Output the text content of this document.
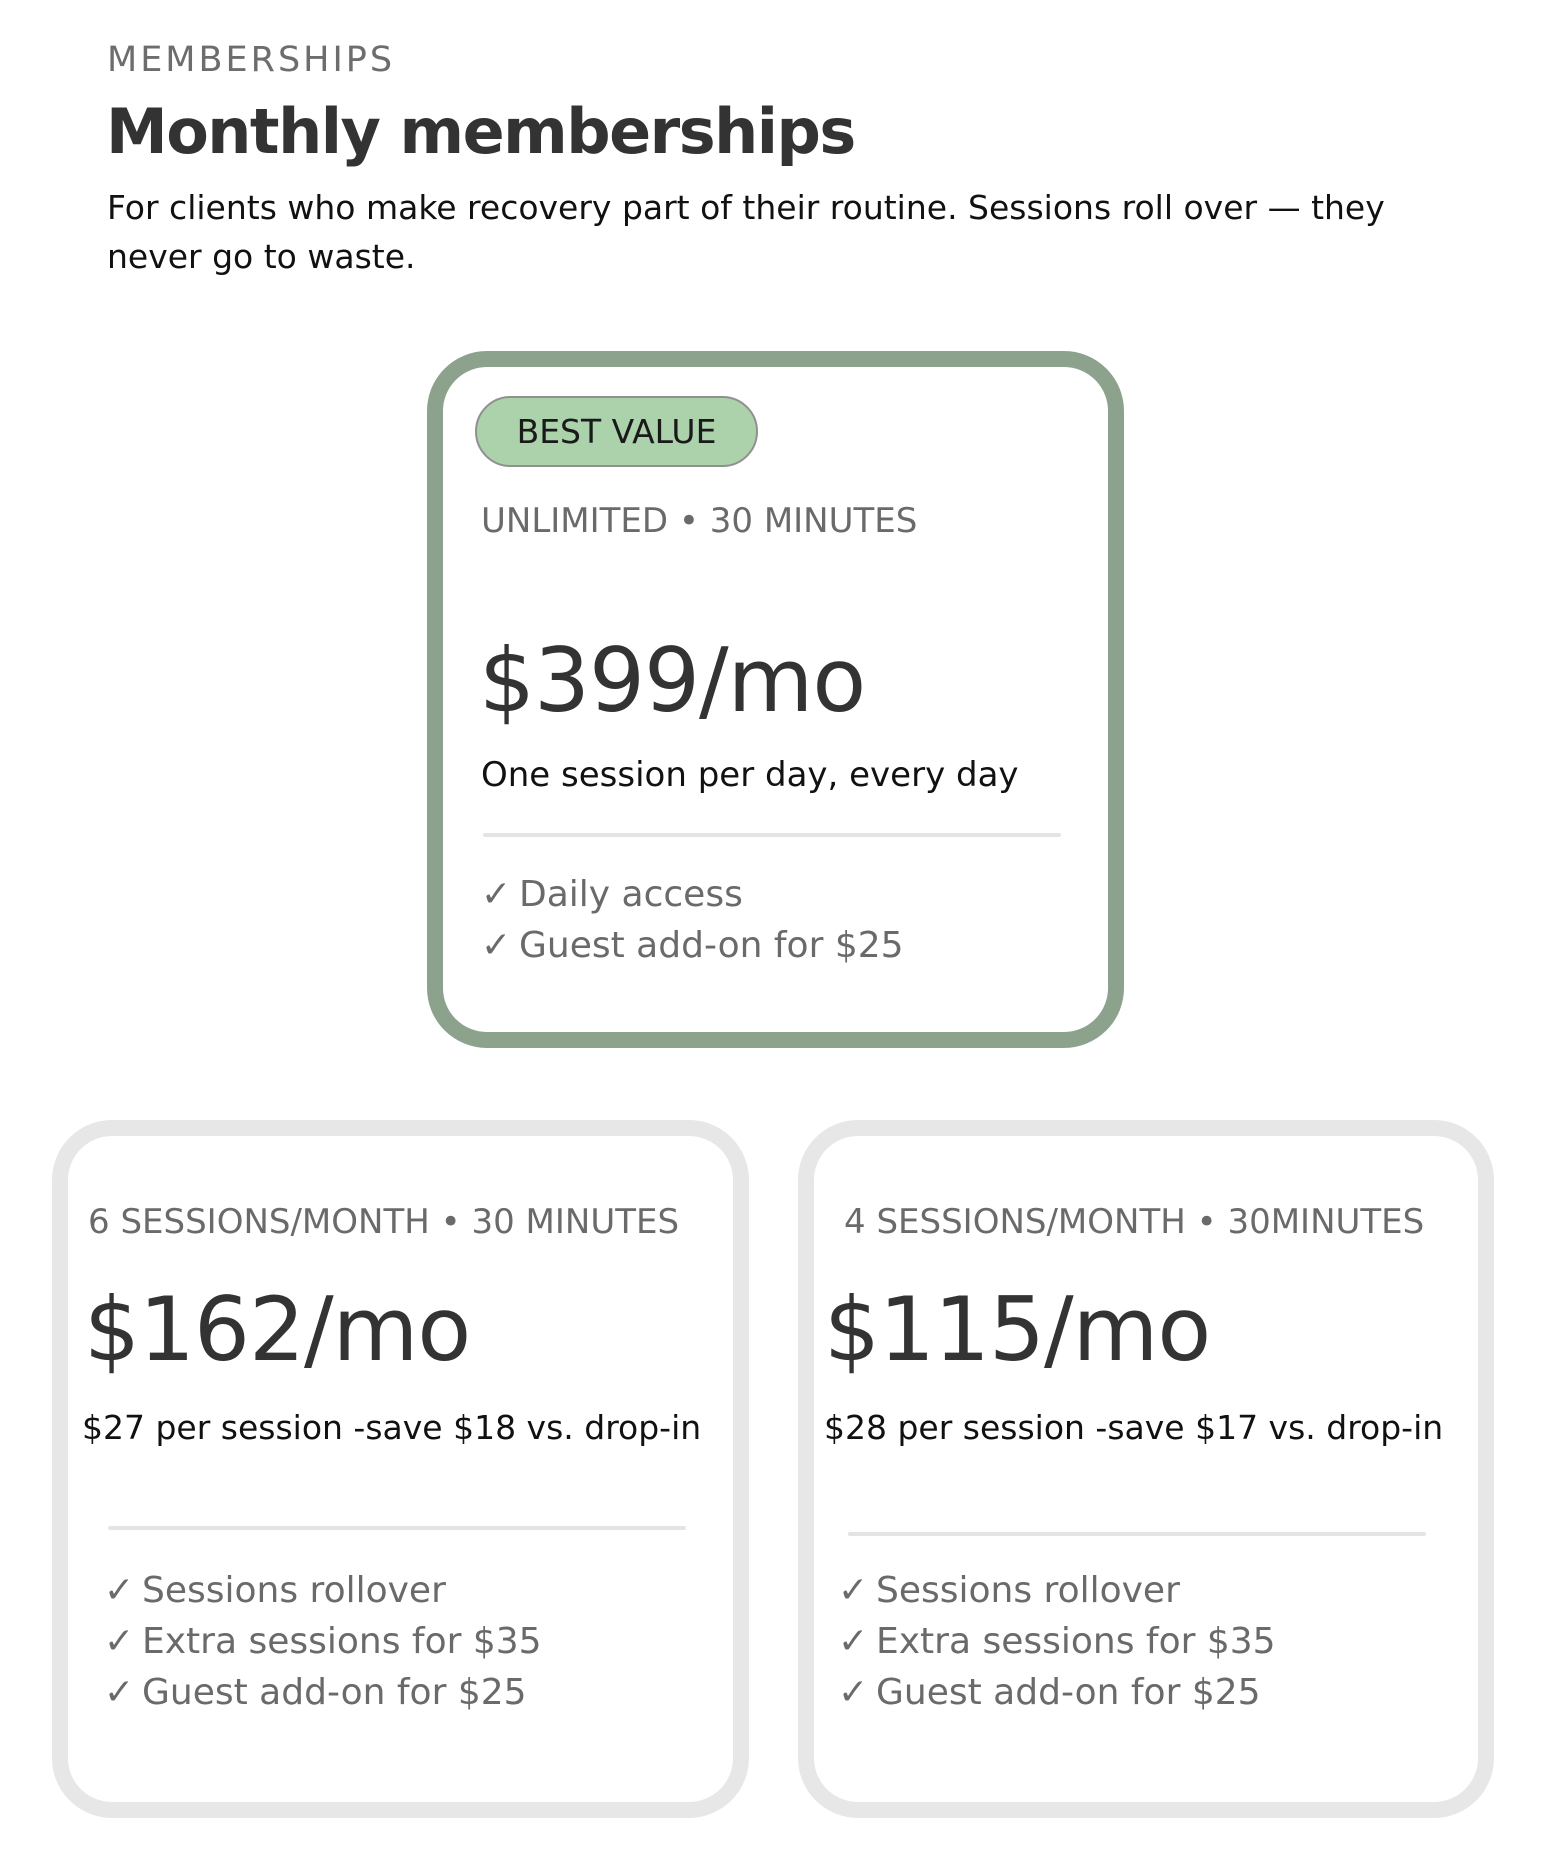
MEMBERSHIPS
Monthly memberships

For clients who make recovery part of their routine. Sessions roll over — they never go to waste.

BEST VALUE
UNLIMITED • 30 MINUTES
$399/mo
One session per day, every day
✓ Daily access
✓ Guest add-on for $25
6 SESSIONS/MONTH • 30 MINUTES
$162/mo
$27 per session -save $18 vs. drop-in
✓ Sessions rollover
✓ Extra sessions for $35
✓ Guest add-on for $25
4 SESSIONS/MONTH • 30MINUTES
$115/mo
$28 per session -save $17 vs. drop-in
✓ Sessions rollover
✓ Extra sessions for $35
✓ Guest add-on for $25
